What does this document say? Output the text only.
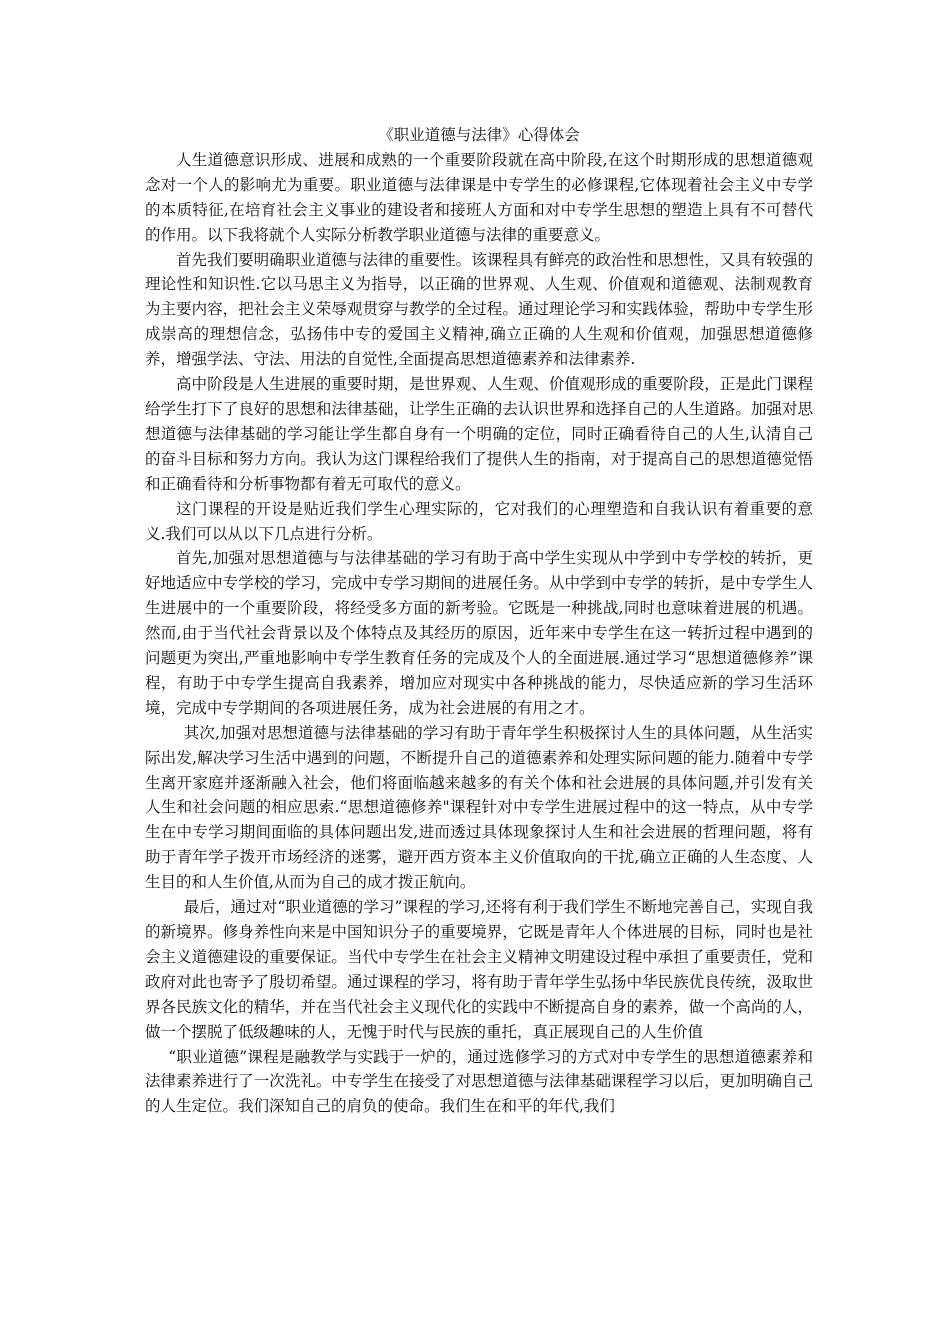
《职业道德与法律》心得体会

人生道德意识形成、进展和成熟的一个重要阶段就在高中阶段,在这个时期形成的思想道德观念对一个人的影响尤为重要。职业道德与法律课是中专学生的必修课程,它体现着社会主义中专学的本质特征,在培育社会主义事业的建设者和接班人方面和对中专学生思想的塑造上具有不可替代的作用。以下我将就个人实际分析教学职业道德与法律的重要意义。

首先我们要明确职业道德与法律的重要性。该课程具有鲜亮的政治性和思想性，又具有较强的理论性和知识性.它以马思主义为指导，以正确的世界观、人生观、价值观和道德观、法制观教育为主要内容，把社会主义荣辱观贯穿与教学的全过程。通过理论学习和实践体验，帮助中专学生形成崇高的理想信念，弘扬伟中专的爱国主义精神,确立正确的人生观和价值观，加强思想道德修养，增强学法、守法、用法的自觉性,全面提高思想道德素养和法律素养.

高中阶段是人生进展的重要时期，是世界观、人生观、价值观形成的重要阶段，正是此门课程给学生打下了良好的思想和法律基础，让学生正确的去认识世界和选择自己的人生道路。加强对思想道德与法律基础的学习能让学生都自身有一个明确的定位，同时正确看待自己的人生,认清自己的奋斗目标和努力方向。我认为这门课程给我们了提供人生的指南，对于提高自己的思想道德觉悟和正确看待和分析事物都有着无可取代的意义。

这门课程的开设是贴近我们学生心理实际的，它对我们的心理塑造和自我认识有着重要的意义.我们可以从以下几点进行分析。

首先,加强对思想道德与与法律基础的学习有助于高中学生实现从中学到中专学校的转折，更好地适应中专学校的学习，完成中专学习期间的进展任务。从中学到中专学的转折，是中专学生人生进展中的一个重要阶段，将经受多方面的新考验。它既是一种挑战,同时也意味着进展的机遇。然而,由于当代社会背景以及个体特点及其经历的原因，近年来中专学生在这一转折过程中遇到的问题更为突出,严重地影响中专学生教育任务的完成及个人的全面进展.通过学习“思想道德修养”课程，有助于中专学生提高自我素养，增加应对现实中各种挑战的能力，尽快适应新的学习生活环境，完成中专学期间的各项进展任务，成为社会进展的有用之才。

其次,加强对思想道德与法律基础的学习有助于青年学生积极探讨人生的具体问题，从生活实际出发,解决学习生活中遇到的问题，不断提升自己的道德素养和处理实际问题的能力.随着中专学生离开家庭并逐渐融入社会，他们将面临越来越多的有关个体和社会进展的具体问题,并引发有关人生和社会问题的相应思索.“思想道德修养"课程针对中专学生进展过程中的这一特点，从中专学生在中专学习期间面临的具体问题出发,进而透过具体现象探讨人生和社会进展的哲理问题，将有助于青年学子拨开市场经济的迷雾，避开西方资本主义价值取向的干扰,确立正确的人生态度、人生目的和人生价值,从而为自己的成才拨正航向。

最后，通过对“职业道德的学习”课程的学习,还将有利于我们学生不断地完善自己，实现自我的新境界。修身养性向来是中国知识分子的重要境界，它既是青年人个体进展的目标，同时也是社会主义道德建设的重要保证。当代中专学生在社会主义精神文明建设过程中承担了重要责任，党和政府对此也寄予了殷切希望。通过课程的学习，将有助于青年学生弘扬中华民族优良传统，汲取世界各民族文化的精华，并在当代社会主义现代化的实践中不断提高自身的素养，做一个高尚的人，做一个摆脱了低级趣味的人，无愧于时代与民族的重托，真正展现自己的人生价值

“职业道德”课程是融教学与实践于一炉的，通过选修学习的方式对中专学生的思想道德素养和法律素养进行了一次洗礼。中专学生在接受了对思想道德与法律基础课程学习以后，更加明确自己的人生定位。我们深知自己的肩负的使命。我们生在和平的年代,我们
